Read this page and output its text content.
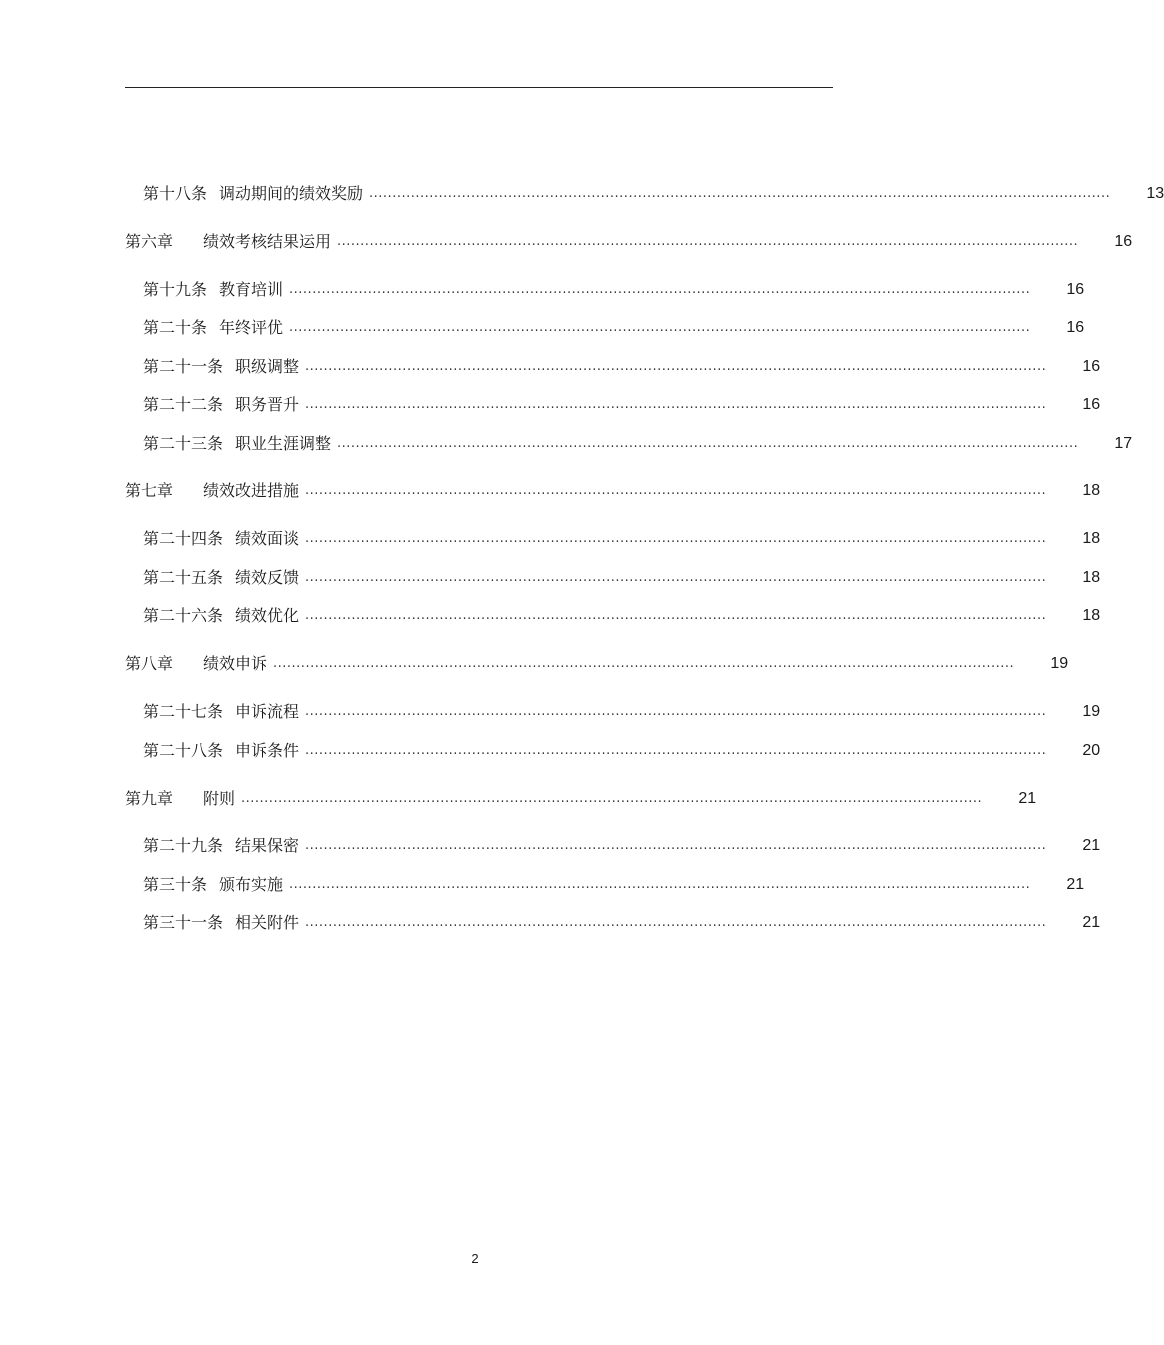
第十八条 调动期间的绩效奖励 ................................................................................................................................................................	13
第六章 绩效考核结果运用 ................................................................................................................................................................	16
第十九条 教育培训 ................................................................................................................................................................	16
第二十条 年终评优 ................................................................................................................................................................	16
第二十一条 职级调整 ................................................................................................................................................................	16
第二十二条 职务晋升 ................................................................................................................................................................	16
第二十三条 职业生涯调整 ................................................................................................................................................................	17
第七章 绩效改进措施 ................................................................................................................................................................	18
第二十四条 绩效面谈 ................................................................................................................................................................	18
第二十五条 绩效反馈 ................................................................................................................................................................	18
第二十六条 绩效优化 ................................................................................................................................................................	18
第八章 绩效申诉 ................................................................................................................................................................	19
第二十七条 申诉流程 ................................................................................................................................................................	19
第二十八条 申诉条件 ................................................................................................................................................................	20
第九章 附则 ................................................................................................................................................................	21
第二十九条 结果保密 ................................................................................................................................................................	21
第三十条 颁布实施 ................................................................................................................................................................	21
第三十一条 相关附件 ................................................................................................................................................................	21
2
